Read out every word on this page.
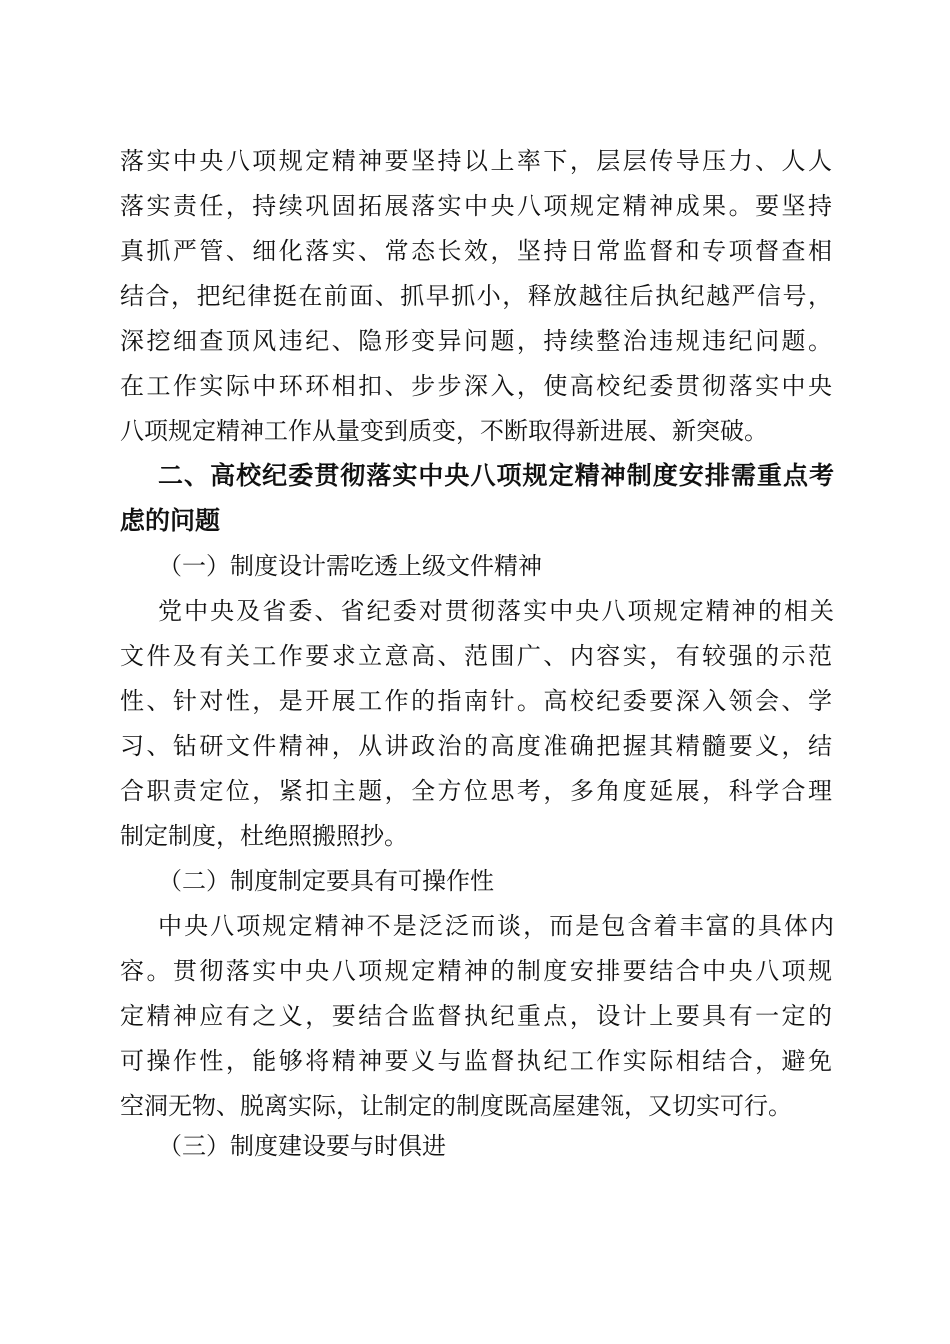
落实中央八项规定精神要坚持以上率下，层层传导压力、人人
落实责任，持续巩固拓展落实中央八项规定精神成果。要坚持
真抓严管、细化落实、常态长效，坚持日常监督和专项督查相
结合，把纪律挺在前面、抓早抓小，释放越往后执纪越严信号，
深挖细查顶风违纪、隐形变异问题，持续整治违规违纪问题。
在工作实际中环环相扣、步步深入，使高校纪委贯彻落实中央
八项规定精神工作从量变到质变，不断取得新进展、新突破。
二、高校纪委贯彻落实中央八项规定精神制度安排需重点考
虑的问题
（一）制度设计需吃透上级文件精神
党中央及省委、省纪委对贯彻落实中央八项规定精神的相关
文件及有关工作要求立意高、范围广、内容实，有较强的示范
性、针对性，是开展工作的指南针。高校纪委要深入领会、学
习、钻研文件精神，从讲政治的高度准确把握其精髓要义，结
合职责定位，紧扣主题，全方位思考，多角度延展，科学合理
制定制度，杜绝照搬照抄。
（二）制度制定要具有可操作性
中央八项规定精神不是泛泛而谈，而是包含着丰富的具体内
容。贯彻落实中央八项规定精神的制度安排要结合中央八项规
定精神应有之义，要结合监督执纪重点，设计上要具有一定的
可操作性，能够将精神要义与监督执纪工作实际相结合，避免
空洞无物、脱离实际，让制定的制度既高屋建瓴，又切实可行。
（三）制度建设要与时俱进
